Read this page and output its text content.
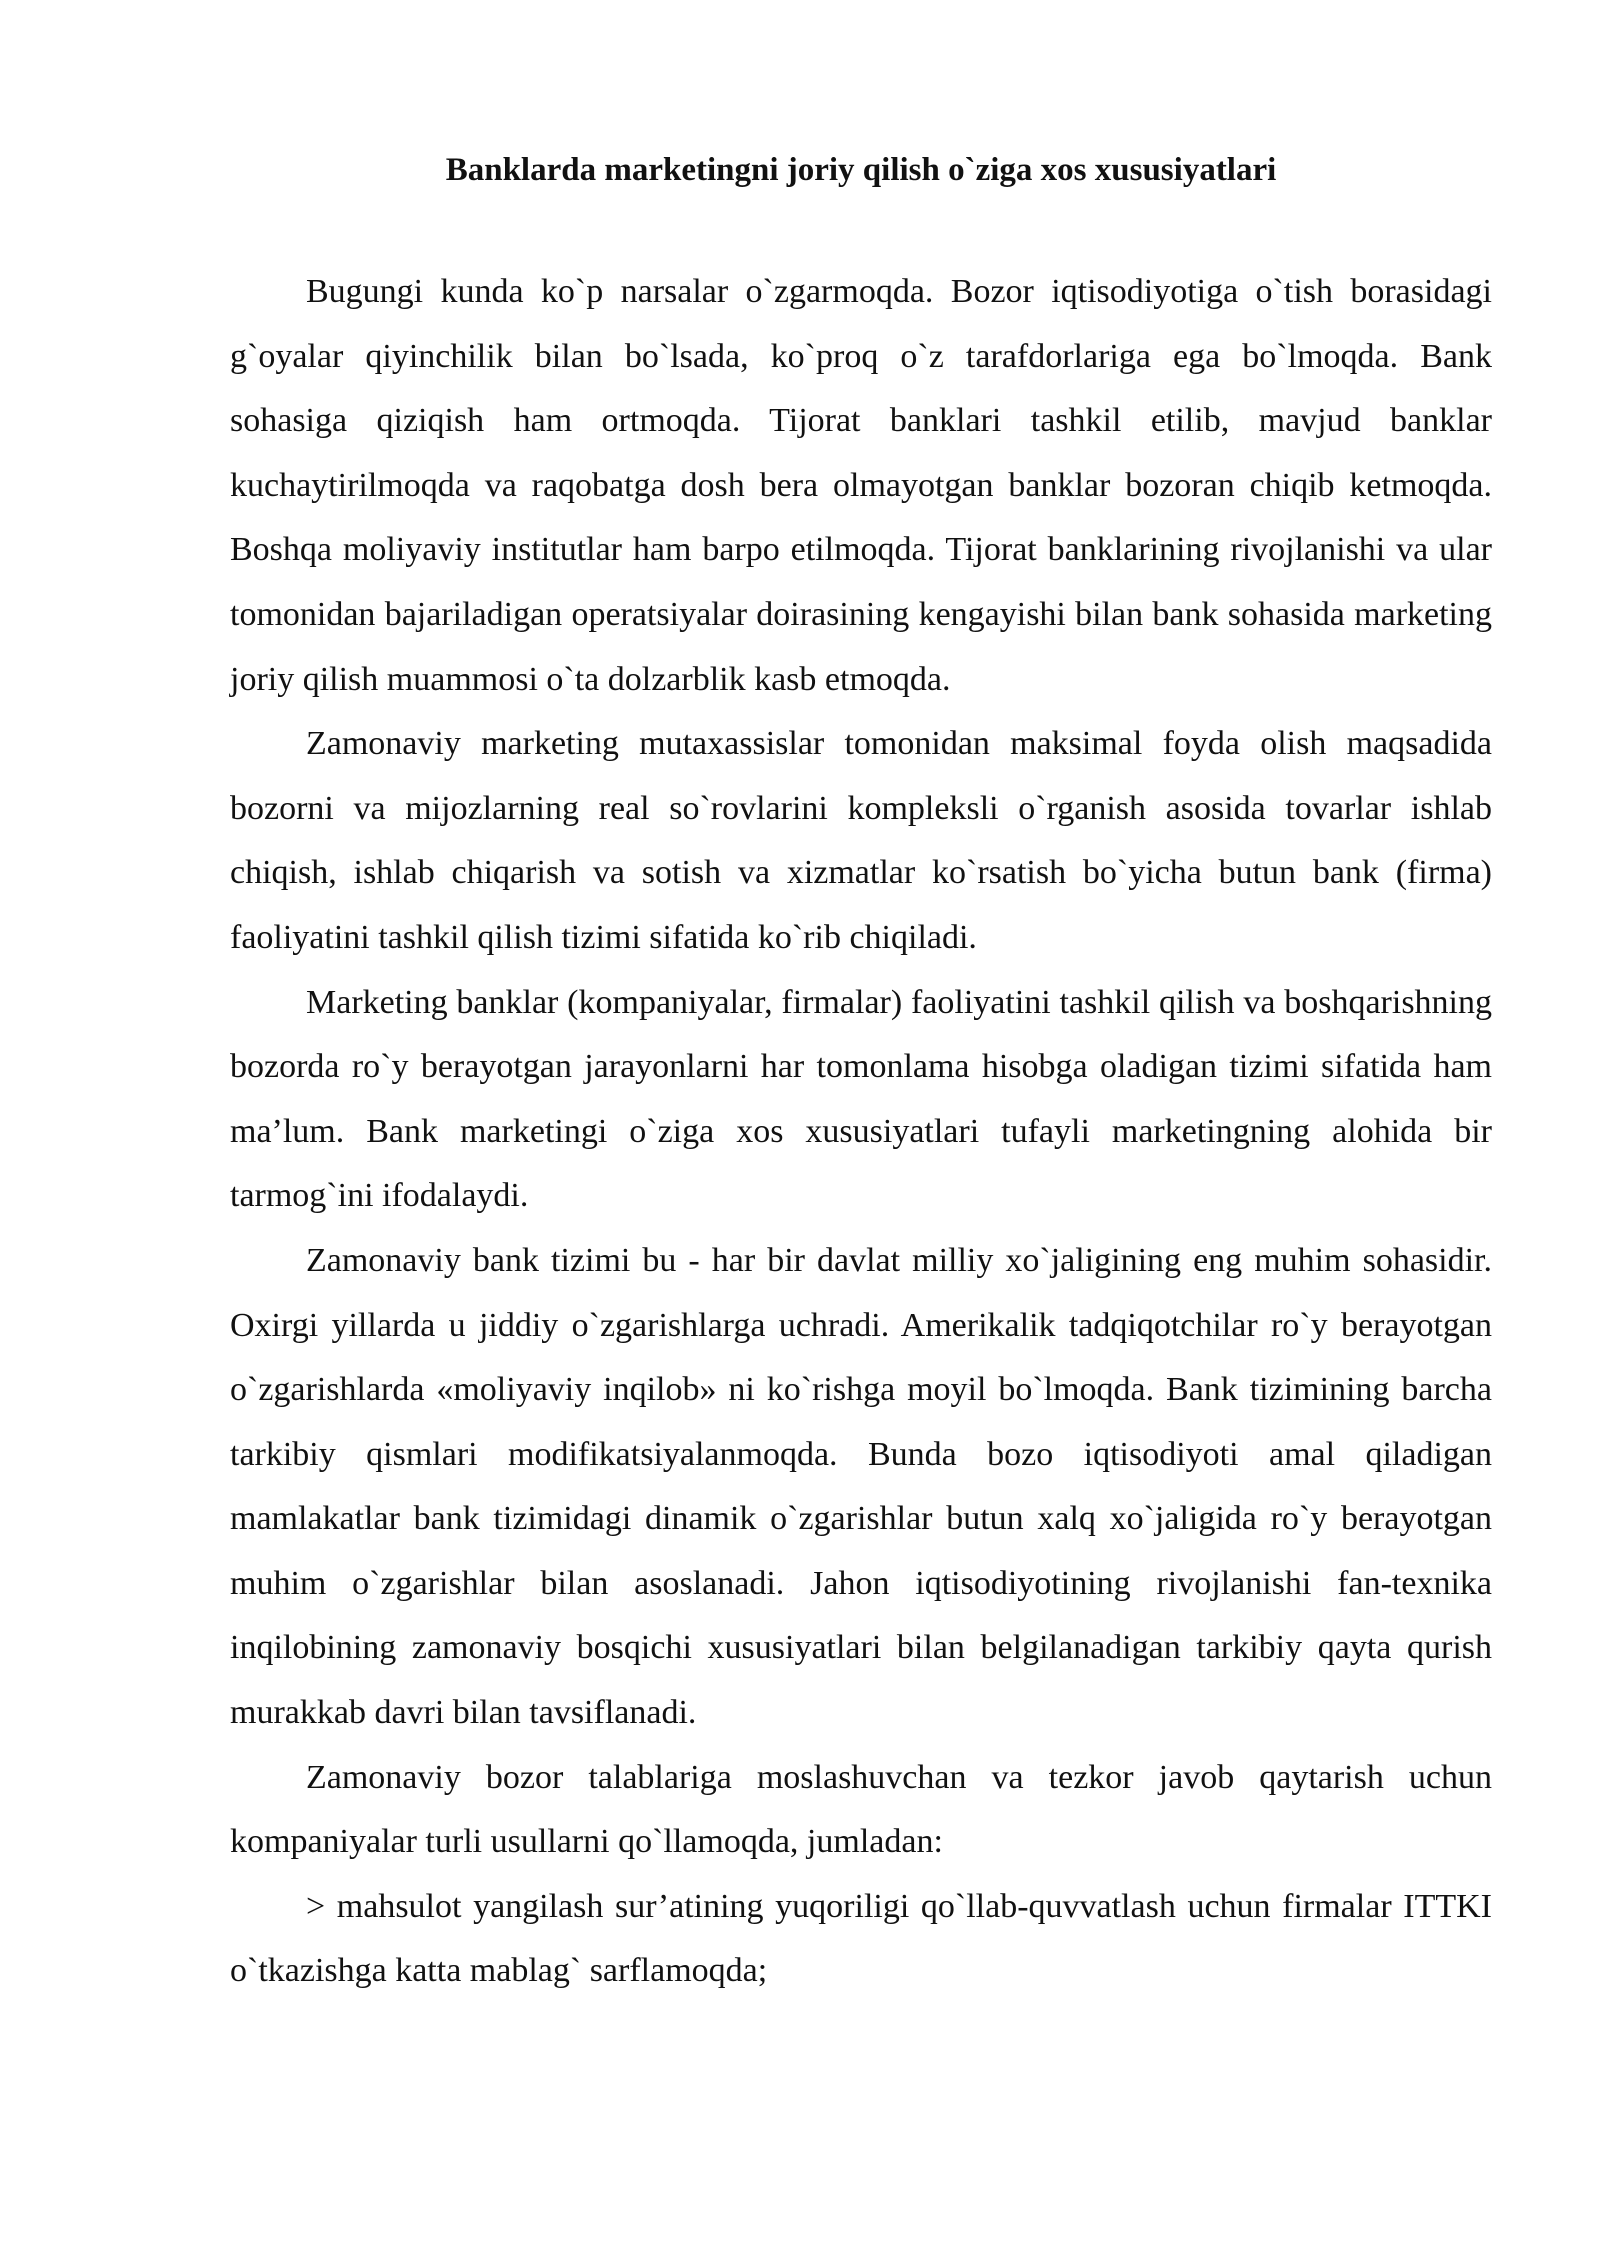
Banklarda marketingni joriy qilish o`ziga xos xususiyatlari

Bugungi kunda ko`p narsalar o`zgarmoqda. Bozor iqtisodiyotiga o`tish borasidagi g`oyalar qiyinchilik bilan bo`lsada, ko`proq o`z tarafdorlariga ega bo`lmoqda. Bank sohasiga qiziqish ham ortmoqda. Tijorat banklari tashkil etilib, mavjud banklar kuchaytirilmoqda va raqobatga dosh bera olmayotgan banklar bozoran chiqib ketmoqda. Boshqa moliyaviy institutlar ham barpo etilmoqda. Tijorat banklarining rivojlanishi va ular tomonidan bajariladigan operatsiyalar doirasining kengayishi bilan bank sohasida marketing joriy qilish muammosi o`ta dolzarblik kasb etmoqda.

Zamonaviy marketing mutaxassislar tomonidan maksimal foyda olish maqsadida bozorni va mijozlarning real so`rovlarini kompleksli o`rganish asosida tovarlar ishlab chiqish, ishlab chiqarish va sotish va xizmatlar ko`rsatish bo`yicha butun bank (firma) faoliyatini tashkil qilish tizimi sifatida ko`rib chiqiladi.

Marketing banklar (kompaniyalar, firmalar) faoliyatini tashkil qilish va boshqarishning bozorda ro`y berayotgan jarayonlarni har tomonlama hisobga oladigan tizimi sifatida ham ma’lum. Bank marketingi o`ziga xos xususiyatlari tufayli marketingning alohida bir tarmog`ini ifodalaydi.

Zamonaviy bank tizimi bu - har bir davlat milliy xo`jaligining eng muhim sohasidir. Oxirgi yillarda u jiddiy o`zgarishlarga uchradi. Amerikalik tadqiqotchilar ro`y berayotgan o`zgarishlarda «moliyaviy inqilob» ni ko`rishga moyil bo`lmoqda. Bank tizimining barcha tarkibiy qismlari modifikatsiyalanmoqda. Bunda bozo iqtisodiyoti amal qiladigan mamlakatlar bank tizimidagi dinamik o`zgarishlar butun xalq xo`jaligida ro`y berayotgan muhim o`zgarishlar bilan asoslanadi. Jahon iqtisodiyotining rivojlanishi fan-texnika inqilobining zamonaviy bosqichi xususiyatlari bilan belgilanadigan tarkibiy qayta qurish murakkab davri bilan tavsiflanadi.

Zamonaviy bozor talablariga moslashuvchan va tezkor javob qaytarish uchun kompaniyalar turli usullarni qo`llamoqda, jumladan:

> mahsulot yangilash sur’atining yuqoriligi qo`llab-quvvatlash uchun firmalar ITTKI o`tkazishga katta mablag` sarflamoqda;
